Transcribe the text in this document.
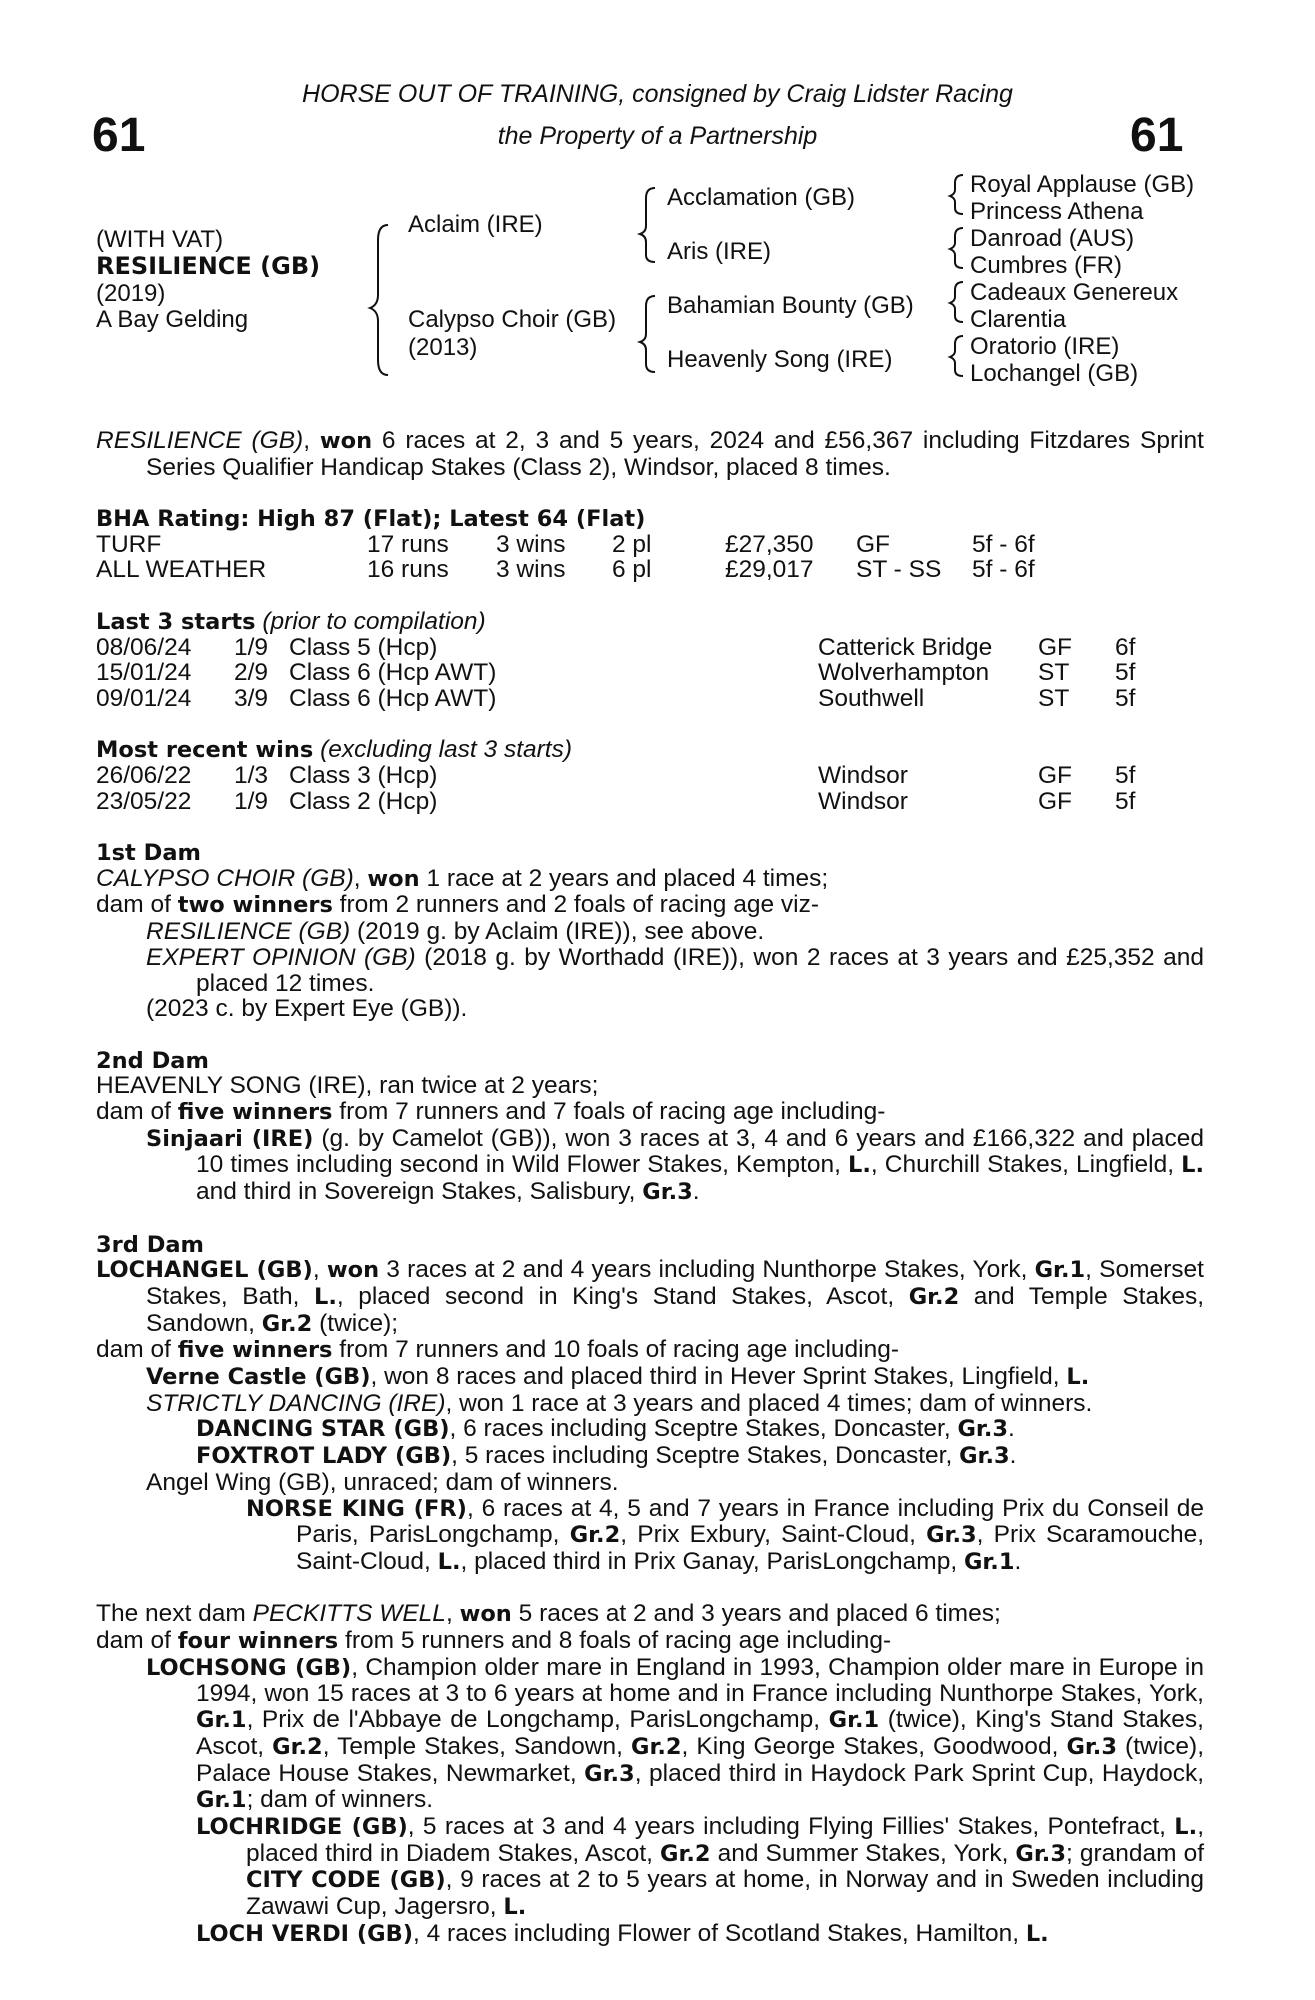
61	61
HORSE OUT OF TRAINING, consigned by Craig Lidster Racing
the Property of a Partnership
(WITH VAT)
RESILIENCE (GB)
(2019)
A Bay Gelding
Aclaim (IRE)
Calypso Choir (GB)
(2013)
Acclamation (GB)
Aris (IRE)
Bahamian Bounty (GB)
Heavenly Song (IRE)
Royal Applause (GB)
Princess Athena
Danroad (AUS)
Cumbres (FR)
Cadeaux Genereux
Clarentia
Oratorio (IRE)
Lochangel (GB)
RESILIENCE (GB), won 6 races at 2, 3 and 5 years, 2024 and £56,367 including Fitzdares Sprint Series Qualifier Handicap Stakes (Class 2), Windsor, placed 8 times.
BHA Rating: High 87 (Flat); Latest 64 (Flat)
TURF	17 runs 3 wins 2 pl	£27,350 GF	5f - 6f
ALL WEATHER	16 runs 3 wins 6 pl	£29,017 ST - SS 5f - 6f
Last 3 starts (prior to compilation)
08/06/24 1/9 Class 5 (Hcp)	Catterick Bridge GF 6f
15/01/24 2/9 Class 6 (Hcp AWT)	Wolverhampton ST 5f
09/01/24 3/9 Class 6 (Hcp AWT)	Southwell	ST 5f
Most recent wins (excluding last 3 starts)
26/06/22 1/3 Class 3 (Hcp)	Windsor	GF 5f
23/05/22 1/9 Class 2 (Hcp)	Windsor	GF 5f
1st Dam
CALYPSO CHOIR (GB), won 1 race at 2 years and placed 4 times;
dam of two winners from 2 runners and 2 foals of racing age viz-
RESILIENCE (GB) (2019 g. by Aclaim (IRE)), see above.
EXPERT OPINION (GB) (2018 g. by Worthadd (IRE)), won 2 races at 3 years and £25,352 and placed 12 times.
(2023 c. by Expert Eye (GB)).
2nd Dam
HEAVENLY SONG (IRE), ran twice at 2 years;
dam of five winners from 7 runners and 7 foals of racing age including-
Sinjaari (IRE) (g. by Camelot (GB)), won 3 races at 3, 4 and 6 years and £166,322 and placed 10 times including second in Wild Flower Stakes, Kempton, L., Churchill Stakes, Lingfield, L. and third in Sovereign Stakes, Salisbury, Gr.3.
3rd Dam
LOCHANGEL (GB), won 3 races at 2 and 4 years including Nunthorpe Stakes, York, Gr.1, Somerset Stakes, Bath, L., placed second in King's Stand Stakes, Ascot, Gr.2 and Temple Stakes, Sandown, Gr.2 (twice);
dam of five winners from 7 runners and 10 foals of racing age including-
Verne Castle (GB), won 8 races and placed third in Hever Sprint Stakes, Lingfield, L.
STRICTLY DANCING (IRE), won 1 race at 3 years and placed 4 times; dam of winners.
DANCING STAR (GB), 6 races including Sceptre Stakes, Doncaster, Gr.3.
FOXTROT LADY (GB), 5 races including Sceptre Stakes, Doncaster, Gr.3.
Angel Wing (GB), unraced; dam of winners.
NORSE KING (FR), 6 races at 4, 5 and 7 years in France including Prix du Conseil de Paris, ParisLongchamp, Gr.2, Prix Exbury, Saint-Cloud, Gr.3, Prix Scaramouche, Saint-Cloud, L., placed third in Prix Ganay, ParisLongchamp, Gr.1.
The next dam PECKITTS WELL, won 5 races at 2 and 3 years and placed 6 times;
dam of four winners from 5 runners and 8 foals of racing age including-
LOCHSONG (GB), Champion older mare in England in 1993, Champion older mare in Europe in 1994, won 15 races at 3 to 6 years at home and in France including Nunthorpe Stakes, York, Gr.1, Prix de l'Abbaye de Longchamp, ParisLongchamp, Gr.1 (twice), King's Stand Stakes, Ascot, Gr.2, Temple Stakes, Sandown, Gr.2, King George Stakes, Goodwood, Gr.3 (twice), Palace House Stakes, Newmarket, Gr.3, placed third in Haydock Park Sprint Cup, Haydock, Gr.1; dam of winners.
LOCHRIDGE (GB), 5 races at 3 and 4 years including Flying Fillies' Stakes, Pontefract, L., placed third in Diadem Stakes, Ascot, Gr.2 and Summer Stakes, York, Gr.3; grandam of CITY CODE (GB), 9 races at 2 to 5 years at home, in Norway and in Sweden including Zawawi Cup, Jagersro, L.
LOCH VERDI (GB), 4 races including Flower of Scotland Stakes, Hamilton, L.
